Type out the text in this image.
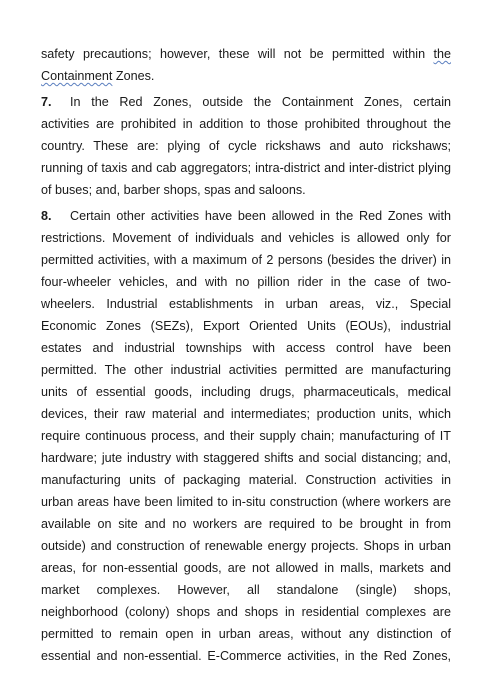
safety precautions; however, these will not be permitted within the
Containment Zones.
7. In the Red Zones, outside the Containment Zones, certain
activities are prohibited in addition to those prohibited throughout the
country. These are: plying of cycle rickshaws and auto rickshaws;
running of taxis and cab aggregators; intra-district and inter-district plying
of buses; and, barber shops, spas and saloons.
8. Certain other activities have been allowed in the Red Zones with
restrictions. Movement of individuals and vehicles is allowed only for
permitted activities, with a maximum of 2 persons (besides the driver) in
four-wheeler vehicles, and with no pillion rider in the case of two-
wheelers. Industrial establishments in urban areas, viz., Special
Economic Zones (SEZs), Export Oriented Units (EOUs), industrial
estates and industrial townships with access control have been
permitted. The other industrial activities permitted are manufacturing
units of essential goods, including drugs, pharmaceuticals, medical
devices, their raw material and intermediates; production units, which
require continuous process, and their supply chain; manufacturing of IT
hardware; jute industry with staggered shifts and social distancing; and,
manufacturing units of packaging material. Construction activities in
urban areas have been limited to in-situ construction (where workers are
available on site and no workers are required to be brought in from
outside) and construction of renewable energy projects. Shops in urban
areas, for non-essential goods, are not allowed in malls, markets and
market complexes. However, all standalone (single) shops,
neighborhood (colony) shops and shops in residential complexes are
permitted to remain open in urban areas, without any distinction of
essential and non-essential. E-Commerce activities, in the Red Zones,
